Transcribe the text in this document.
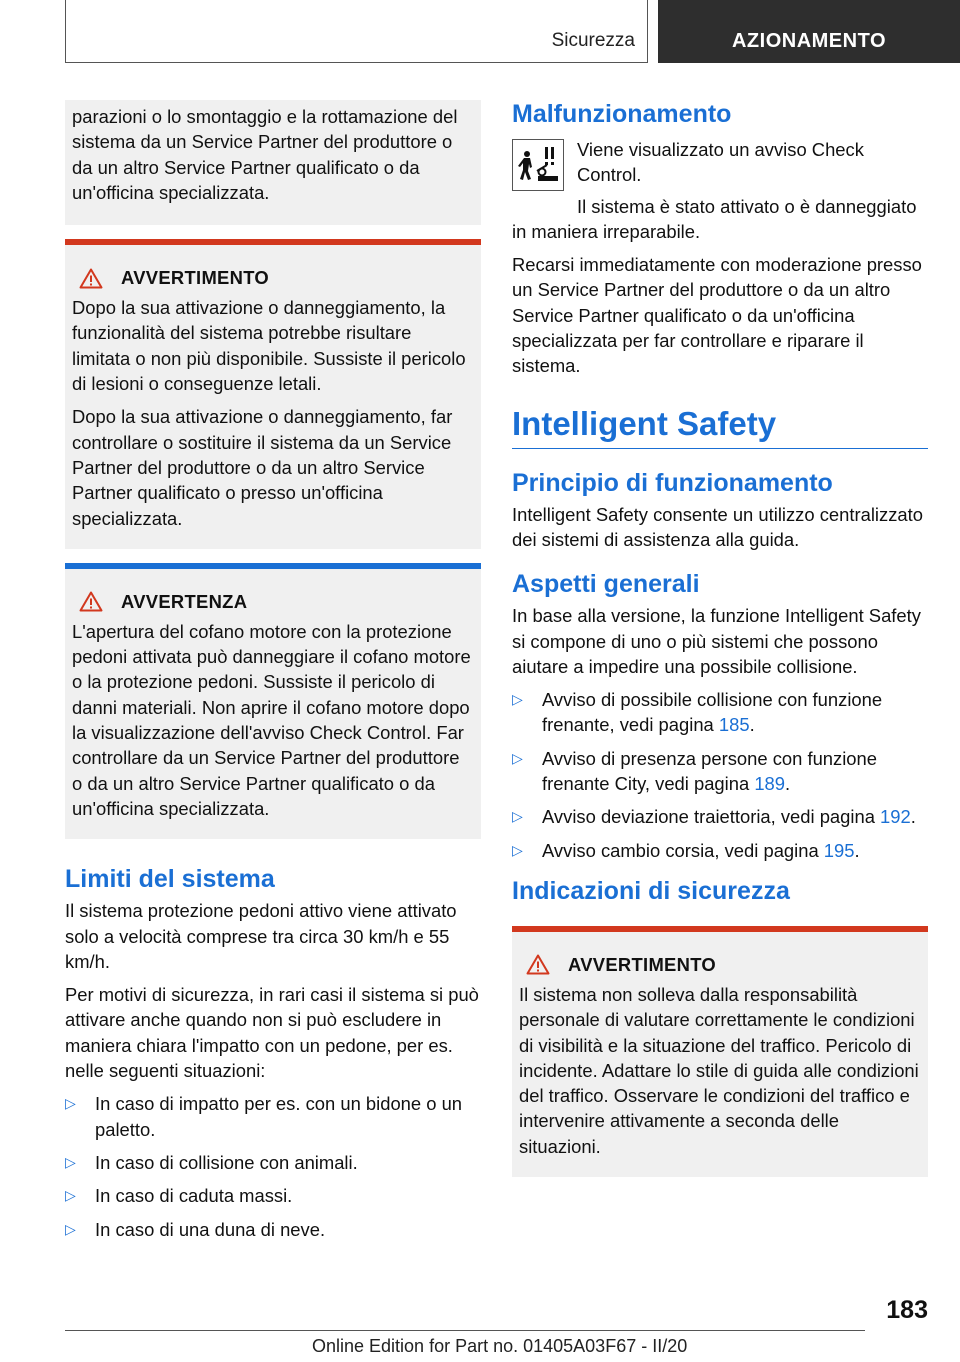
Sicurezza	AZIONAMENTO

parazioni o lo smontaggio e la rottamazione del sistema da un Service Partner del produttore o da un altro Service Partner qualificato o da un'officina specializzata.

AVVERTIMENTO

Dopo la sua attivazione o danneggiamento, la funzionalità del sistema potrebbe risultare limitata o non più disponibile. Sussiste il pericolo di lesioni o conseguenze letali.

Dopo la sua attivazione o danneggiamento, far controllare o sostituire il sistema da un Service Partner del produttore o da un altro Service Partner qualificato o presso un'officina specializzata.

AVVERTENZA

L'apertura del cofano motore con la protezione pedoni attivata può danneggiare il cofano motore o la protezione pedoni. Sussiste il pericolo di danni materiali. Non aprire il cofano motore dopo la visualizzazione dell'avviso Check Control. Far controllare da un Service Partner del produttore o da un altro Service Partner qualificato o da un'officina specializzata.

Limiti del sistema

Il sistema protezione pedoni attivo viene attivato solo a velocità comprese tra circa 30 km/h e 55 km/h.

Per motivi di sicurezza, in rari casi il sistema si può attivare anche quando non si può escludere in maniera chiara l'impatto con un pedone, per es. nelle seguenti situazioni:

▷ In caso di impatto per es. con un bidone o un paletto.
▷ In caso di collisione con animali.
▷ In caso di caduta massi.
▷ In caso di una duna di neve.
Malfunzionamento

Viene visualizzato un avviso Check Control.

Il sistema è stato attivato o è danneggiato in maniera irreparabile.

Recarsi immediatamente con moderazione presso un Service Partner del produttore o da un altro Service Partner qualificato o da un'officina specializzata per far controllare e riparare il sistema.

Intelligent Safety
Principio di funzionamento

Intelligent Safety consente un utilizzo centralizzato dei sistemi di assistenza alla guida.

Aspetti generali

In base alla versione, la funzione Intelligent Safety si compone di uno o più sistemi che possono aiutare a impedire una possibile collisione.

▷ Avviso di possibile collisione con funzione frenante, vedi pagina 185.
▷ Avviso di presenza persone con funzione frenante City, vedi pagina 189.
▷ Avviso deviazione traiettoria, vedi pagina 192.
▷ Avviso cambio corsia, vedi pagina 195.
Indicazioni di sicurezza
AVVERTIMENTO

Il sistema non solleva dalla responsabilità personale di valutare correttamente le condizioni di visibilità e la situazione del traffico. Pericolo di incidente. Adattare lo stile di guida alle condizioni del traffico. Osservare le condizioni del traffico e intervenire attivamente a seconda delle situazioni.

183
Online Edition for Part no. 01405A03F67 - II/20
